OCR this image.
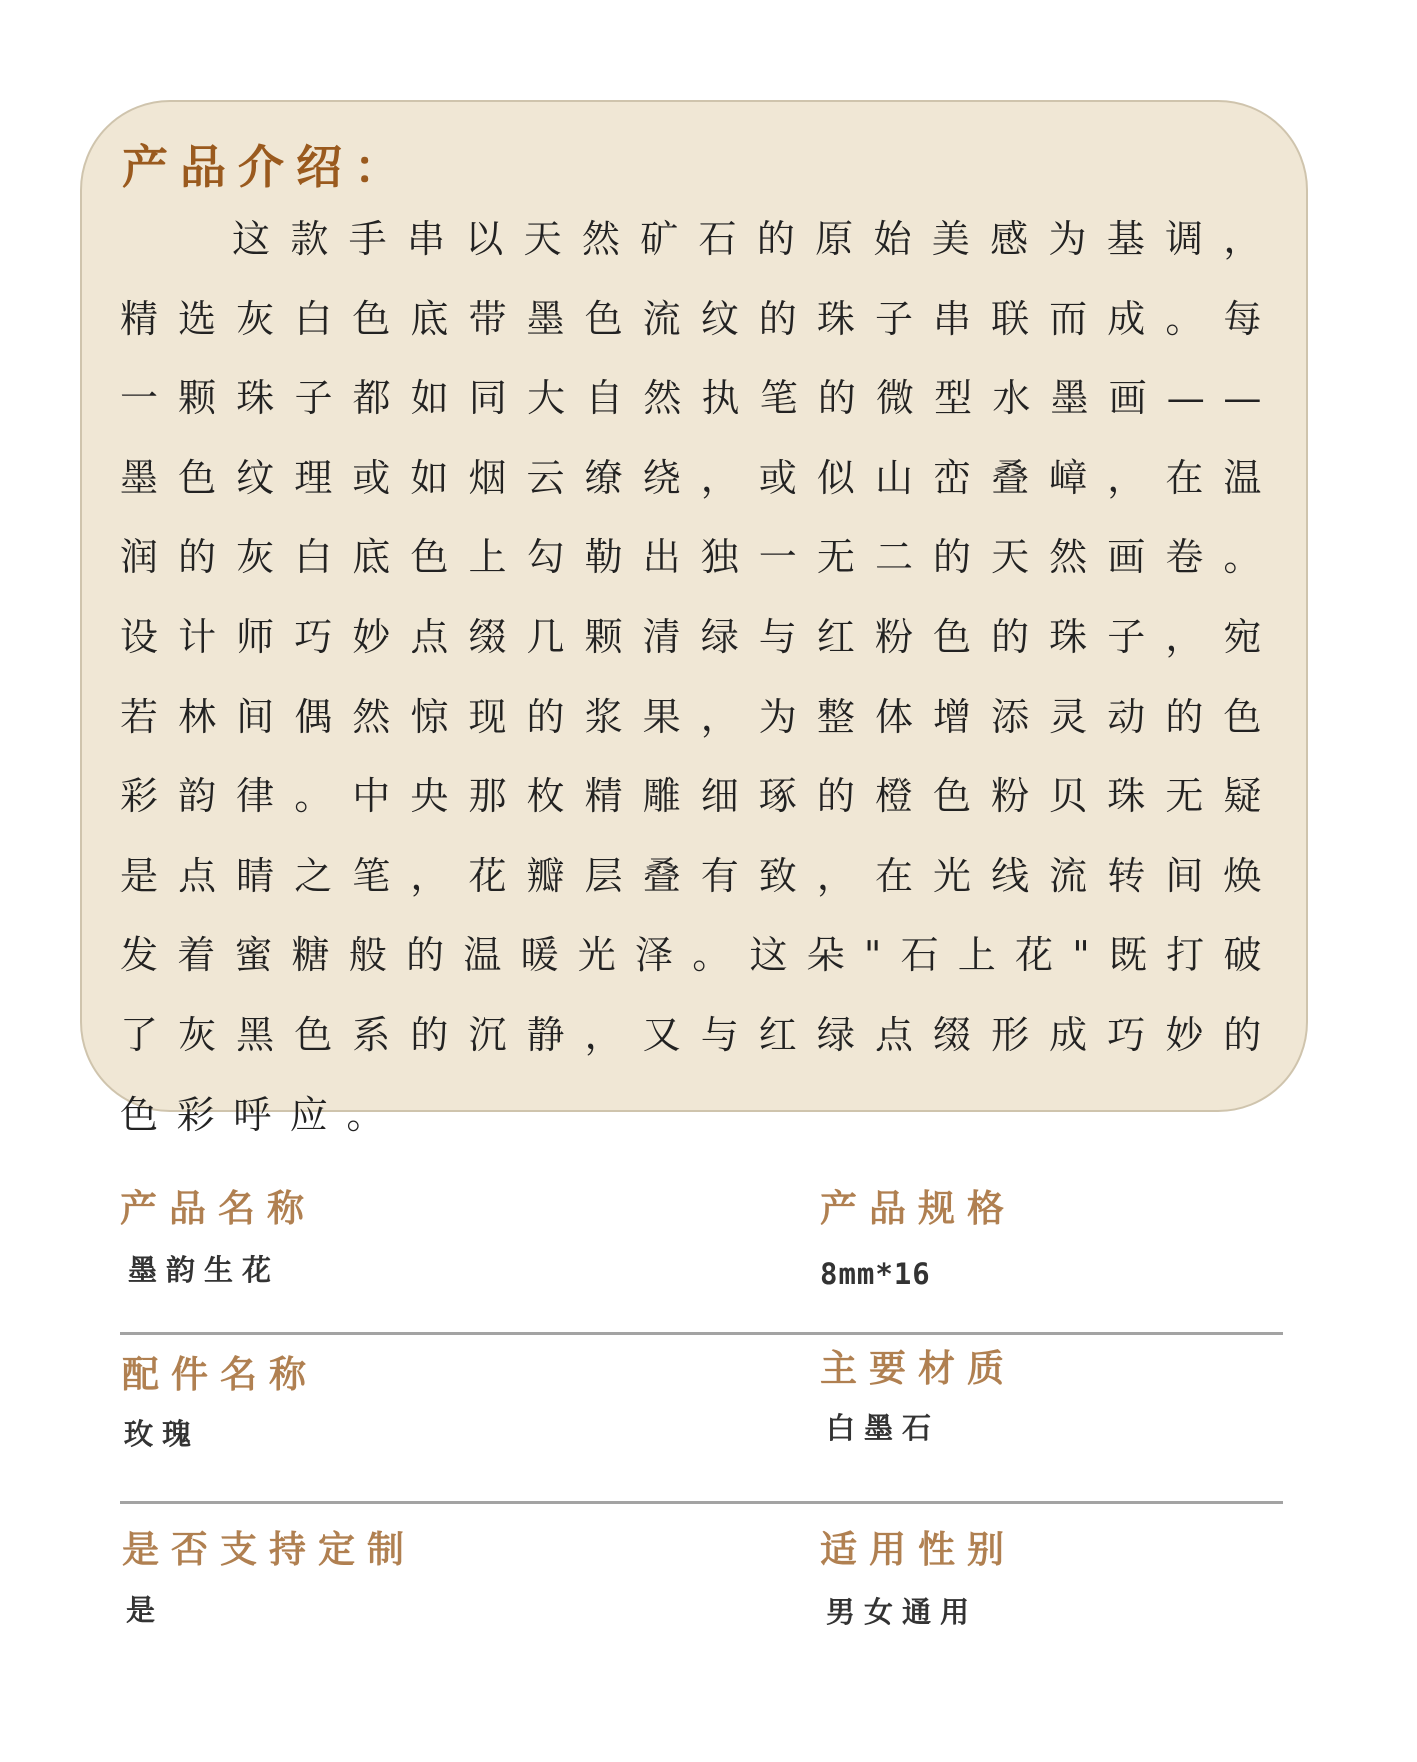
产品介绍：

这款手串以天然矿石的原始美感为基调，精选灰白色底带墨色流纹的珠子串联而成。每一颗珠子都如同大自然执笔的微型水墨画——墨色纹理或如烟云缭绕，或似山峦叠嶂，在温润的灰白底色上勾勒出独一无二的天然画卷。设计师巧妙点缀几颗清绿与红粉色的珠子，宛若林间偶然惊现的浆果，为整体增添灵动的色彩韵律。中央那枚精雕细琢的橙色粉贝珠无疑是点睛之笔，花瓣层叠有致，在光线流转间焕发着蜜糖般的温暖光泽。这朵"石上花"既打破了灰黑色系的沉静，又与红绿点缀形成巧妙的色彩呼应。

产品名称
墨韵生花
产品规格
8mm*16
配件名称
玫瑰
主要材质
白墨石
是否支持定制
是
适用性别
男女通用
